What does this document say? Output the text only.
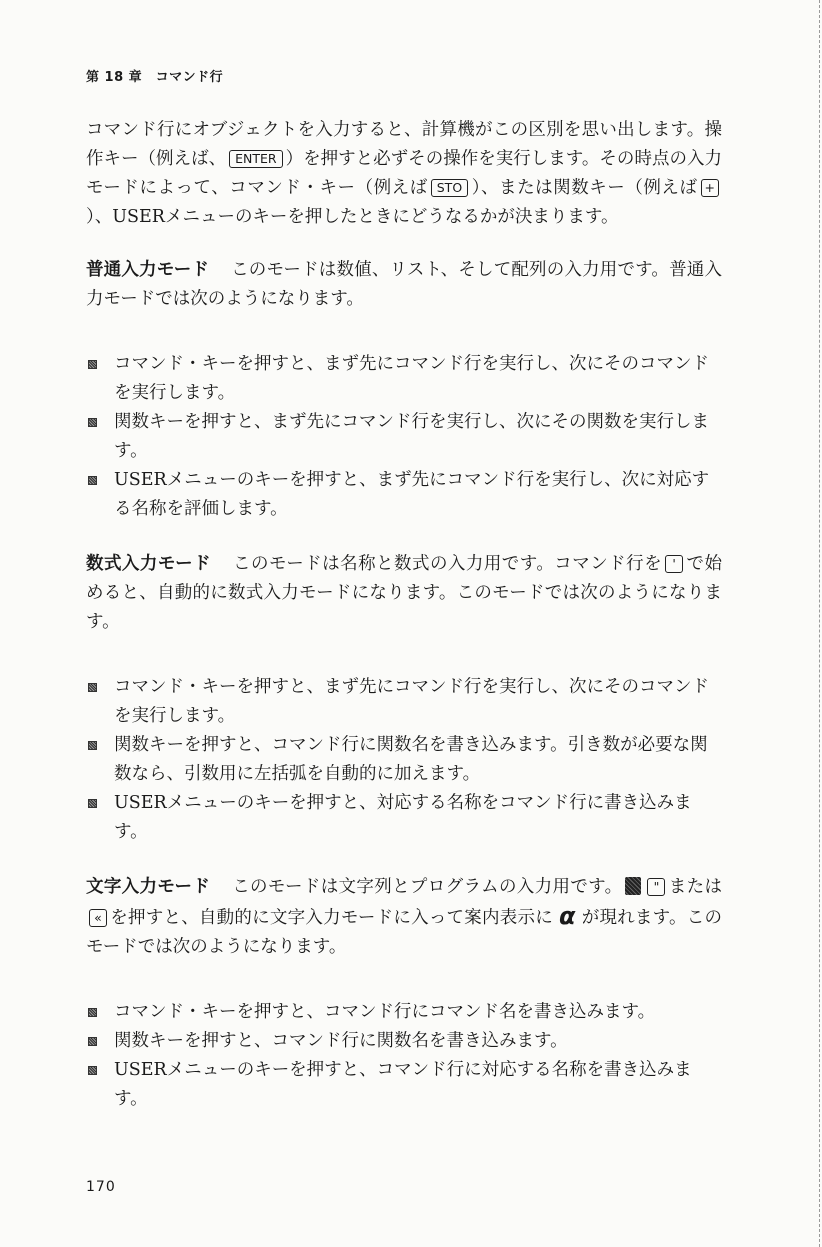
第 18 章　コマンド行

コマンド行にオブジェクトを入力すると、計算機がこの区別を思い出します。操作キー（例えば、 ENTER ）を押すと必ずその操作を実行します。その時点の入力モードによって、コマンド・キー（例えば STO ）、または関数キー（例えば +）、USERメニューのキーを押したときにどうなるかが決まります。

普通入力モード このモードは数値、リスト、そして配列の入力用です。普通入力モードでは次のようになります。

コマンド・キーを押すと、まず先にコマンド行を実行し、次にそのコマンドを実行します。
関数キーを押すと、まず先にコマンド行を実行し、次にその関数を実行します。
USERメニューのキーを押すと、まず先にコマンド行を実行し、次に対応する名称を評価します。

数式入力モード このモードは名称と数式の入力用です。コマンド行を ' で始めると、自動的に数式入力モードになります。このモードでは次のようになります。

コマンド・キーを押すと、まず先にコマンド行を実行し、次にそのコマンドを実行します。
関数キーを押すと、コマンド行に関数名を書き込みます。引き数が必要な関数なら、引数用に左括弧を自動的に加えます。
USERメニューのキーを押すと、対応する名称をコマンド行に書き込みます。

文字入力モード このモードは文字列とプログラムの入力用です。 " または« を押すと、自動的に文字入力モードに入って案内表示に α が現れます。このモードでは次のようになります。

コマンド・キーを押すと、コマンド行にコマンド名を書き込みます。
関数キーを押すと、コマンド行に関数名を書き込みます。
USERメニューのキーを押すと、コマンド行に対応する名称を書き込みます。
170
